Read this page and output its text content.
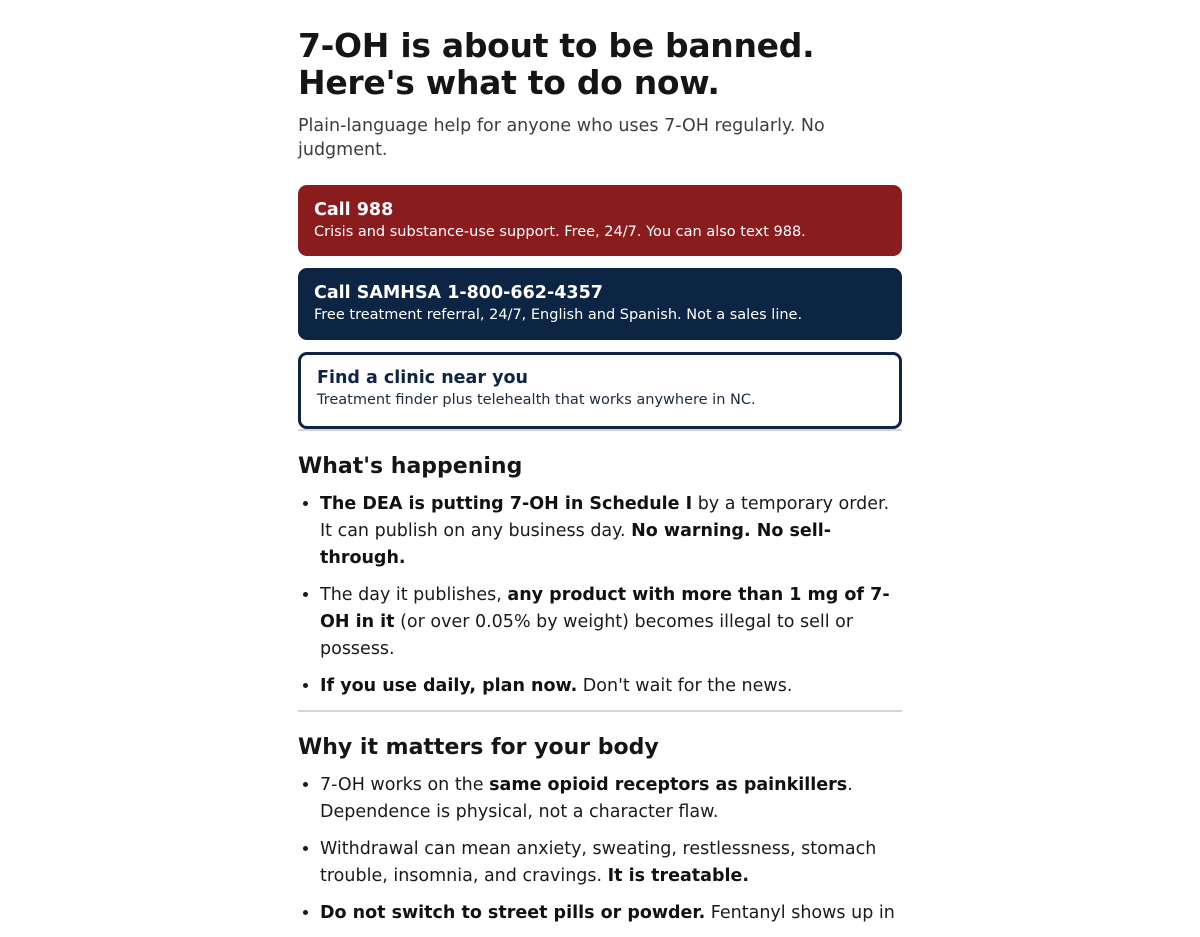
7-OH is about to be banned. Here's what to do now.

Plain-language help for anyone who uses 7-OH regularly. No judgment.

Call 988
Crisis and substance-use support. Free, 24/7. You can also text 988.
Call SAMHSA 1-800-662-4357
Free treatment referral, 24/7, English and Spanish. Not a sales line.
Find a clinic near you
Treatment finder plus telehealth that works anywhere in NC.
What's happening
• The DEA is putting 7-OH in Schedule I by a temporary order. It can publish on any business day. No warning. No sell-through.
• The day it publishes, any product with more than 1 mg of 7-OH in it (or over 0.05% by weight) becomes illegal to sell or possess.
• If you use daily, plan now. Don't wait for the news.
Why it matters for your body
• 7-OH works on the same opioid receptors as painkillers. Dependence is physical, not a character flaw.
• Withdrawal can mean anxiety, sweating, restlessness, stomach trouble, insomnia, and cravings. It is treatable.
• Do not switch to street pills or powder. Fentanyl shows up in
